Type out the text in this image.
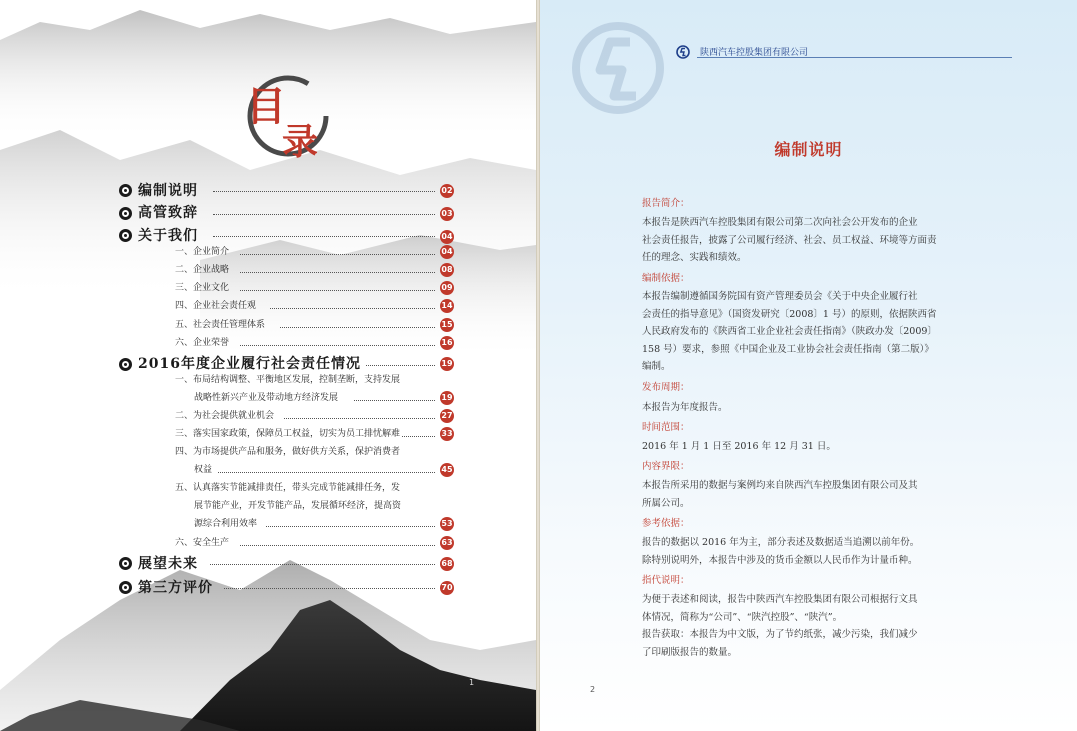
目
录
编制说明	02
高管致辞	03
关于我们	04
一、企业简介	04
二、企业战略	08
三、企业文化	09
四、企业社会责任观	14
五、社会责任管理体系	15
六、企业荣誉	16
2016年度企业履行社会责任情况	19
一、布局结构调整、平衡地区发展，控制垄断，支持发展
战略性新兴产业及带动地方经济发展	19
二、为社会提供就业机会	27
三、落实国家政策，保障员工权益，切实为员工排忧解难	33
四、为市场提供产品和服务，做好供方关系，保护消费者
权益	45
五、认真落实节能减排责任，带头完成节能减排任务，发
展节能产业，开发节能产品，发展循环经济，提高资
源综合利用效率	53
六、安全生产	63
展望未来	68
第三方评价	70
1
陕西汽车控股集团有限公司
编制说明
报告简介：
本报告是陕西汽车控股集团有限公司第二次向社会公开发布的企业
社会责任报告，披露了公司履行经济、社会、员工权益、环境等方面责
任的理念、实践和绩效。
编制依据：
本报告编制遵循国务院国有资产管理委员会《关于中央企业履行社
会责任的指导意见》（国资发研究〔2008〕1 号）的原则，依据陕西省
人民政府发布的《陕西省工业企业社会责任指南》（陕政办发〔2009〕
158 号）要求，参照《中国企业及工业协会社会责任指南（第二版）》
编制。
发布周期：
本报告为年度报告。
时间范围：
2016 年 1 月 1 日至 2016 年 12 月 31 日。
内容界限：
本报告所采用的数据与案例均来自陕西汽车控股集团有限公司及其
所属公司。
参考依据：
报告的数据以 2016 年为主，部分表述及数据适当追溯以前年份。
除特别说明外，本报告中涉及的货币金额以人民币作为计量币种。
指代说明：
为便于表述和阅读，报告中陕西汽车控股集团有限公司根据行文具
体情况，简称为“公司”、“陕汽控股”、“陕汽”。
报告获取：本报告为中文版，为了节约纸张，减少污染，我们减少
了印刷版报告的数量。
2
